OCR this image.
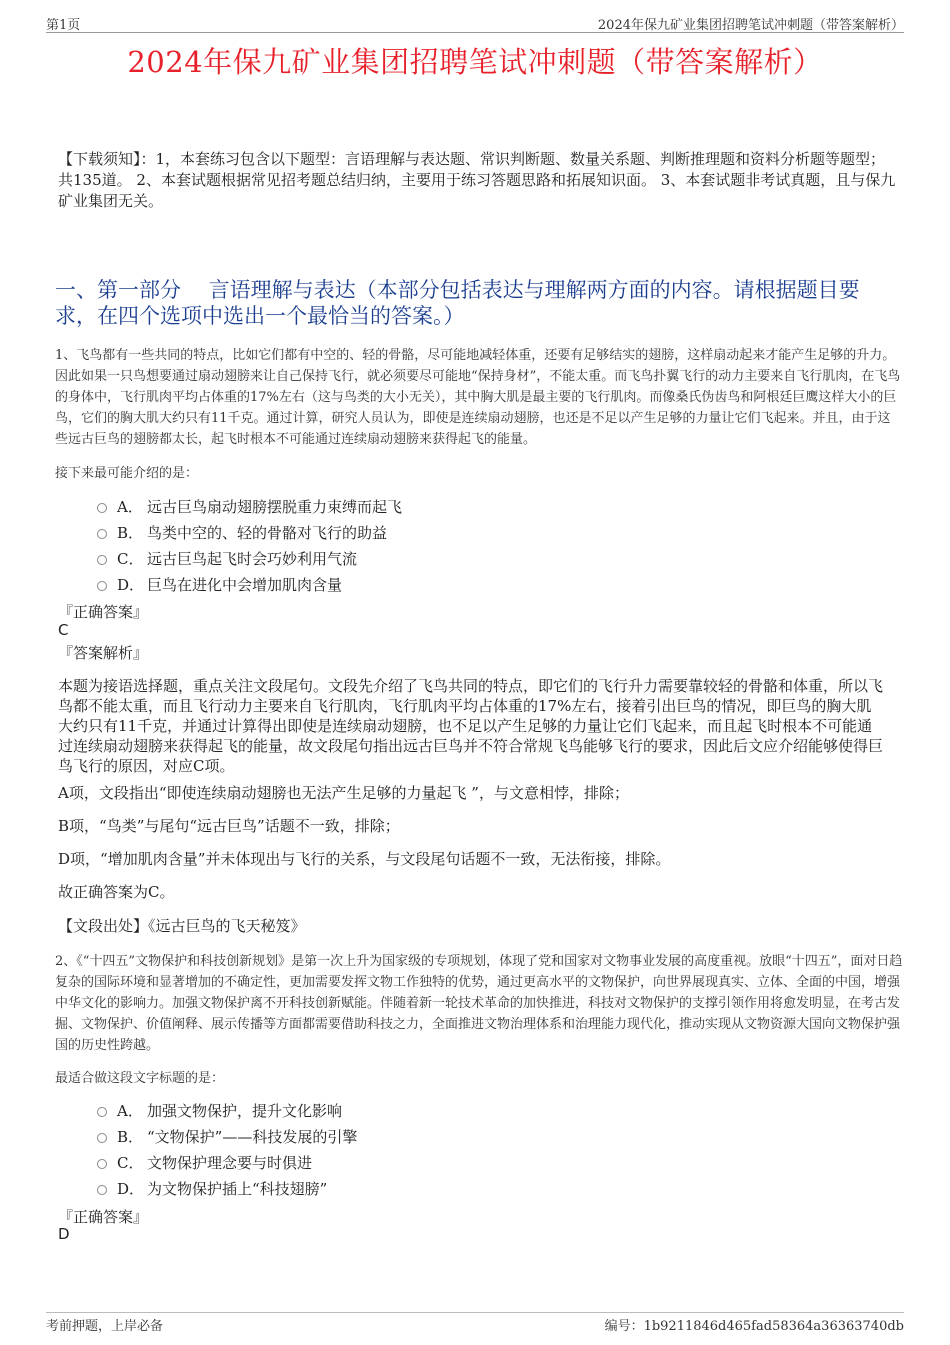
第1页	2024年保九矿业集团招聘笔试冲刺题（带答案解析）
2024年保九矿业集团招聘笔试冲刺题（带答案解析）
【下载须知】：1，本套练习包含以下题型：言语理解与表达题、常识判断题、数量关系题、判断推理题和资料分析题等题型；共135道。 2、本套试题根据常见招考题总结归纳，主要用于练习答题思路和拓展知识面。 3、本套试题非考试真题，且与保九矿业集团无关。
一、第一部分　 言语理解与表达（本部分包括表达与理解两方面的内容。请根据题目要求，在四个选项中选出一个最恰当的答案。）
1、飞鸟都有一些共同的特点，比如它们都有中空的、轻的骨骼，尽可能地减轻体重，还要有足够结实的翅膀，这样扇动起来才能产生足够的升力。因此如果一只鸟想要通过扇动翅膀来让自己保持飞行，就必须要尽可能地“保持身材”，不能太重。而飞鸟扑翼飞行的动力主要来自飞行肌肉，在飞鸟的身体中，飞行肌肉平均占体重的17%左右（这与鸟类的大小无关），其中胸大肌是最主要的飞行肌肉。而像桑氏伪齿鸟和阿根廷巨鹰这样大小的巨鸟，它们的胸大肌大约只有11千克。通过计算，研究人员认为，即使是连续扇动翅膀，也还是不足以产生足够的力量让它们飞起来。并且，由于这些远古巨鸟的翅膀都太长，起飞时根本不可能通过连续扇动翅膀来获得起飞的能量。
接下来最可能介绍的是：
A． 远古巨鸟扇动翅膀摆脱重力束缚而起飞
B． 鸟类中空的、轻的骨骼对飞行的助益
C． 远古巨鸟起飞时会巧妙利用气流
D． 巨鸟在进化中会增加肌肉含量
『正确答案』
C
『答案解析』
本题为接语选择题，重点关注文段尾句。文段先介绍了飞鸟共同的特点，即它们的飞行升力需要靠较轻的骨骼和体重，所以飞鸟都不能太重，而且飞行动力主要来自飞行肌肉，飞行肌肉平均占体重的17%左右，接着引出巨鸟的情况，即巨鸟的胸大肌大约只有11千克，并通过计算得出即使是连续扇动翅膀，也不足以产生足够的力量让它们飞起来，而且起飞时根本不可能通过连续扇动翅膀来获得起飞的能量，故文段尾句指出远古巨鸟并不符合常规飞鸟能够飞行的要求，因此后文应介绍能够使得巨鸟飞行的原因，对应C项。
A项，文段指出“即使连续扇动翅膀也无法产生足够的力量起飞 ”，与文意相悖，排除；
B项，“鸟类”与尾句“远古巨鸟”话题不一致，排除；
D项，“增加肌肉含量”并未体现出与飞行的关系，与文段尾句话题不一致，无法衔接，排除。
故正确答案为C。
【文段出处】《远古巨鸟的飞天秘笈》
2、《“十四五”文物保护和科技创新规划》是第一次上升为国家级的专项规划，体现了党和国家对文物事业发展的高度重视。放眼“十四五”，面对日趋复杂的国际环境和显著增加的不确定性，更加需要发挥文物工作独特的优势，通过更高水平的文物保护，向世界展现真实、立体、全面的中国，增强中华文化的影响力。加强文物保护离不开科技创新赋能。伴随着新一轮技术革命的加快推进，科技对文物保护的支撑引领作用将愈发明显，在考古发掘、文物保护、价值阐释、展示传播等方面都需要借助科技之力，全面推进文物治理体系和治理能力现代化，推动实现从文物资源大国向文物保护强国的历史性跨越。
最适合做这段文字标题的是：
A． 加强文物保护，提升文化影响
B． “文物保护”——科技发展的引擎
C． 文物保护理念要与时俱进
D． 为文物保护插上“科技翅膀”
『正确答案』
D
考前押题，上岸必备	编号：1b9211846d465fad58364a36363740db
